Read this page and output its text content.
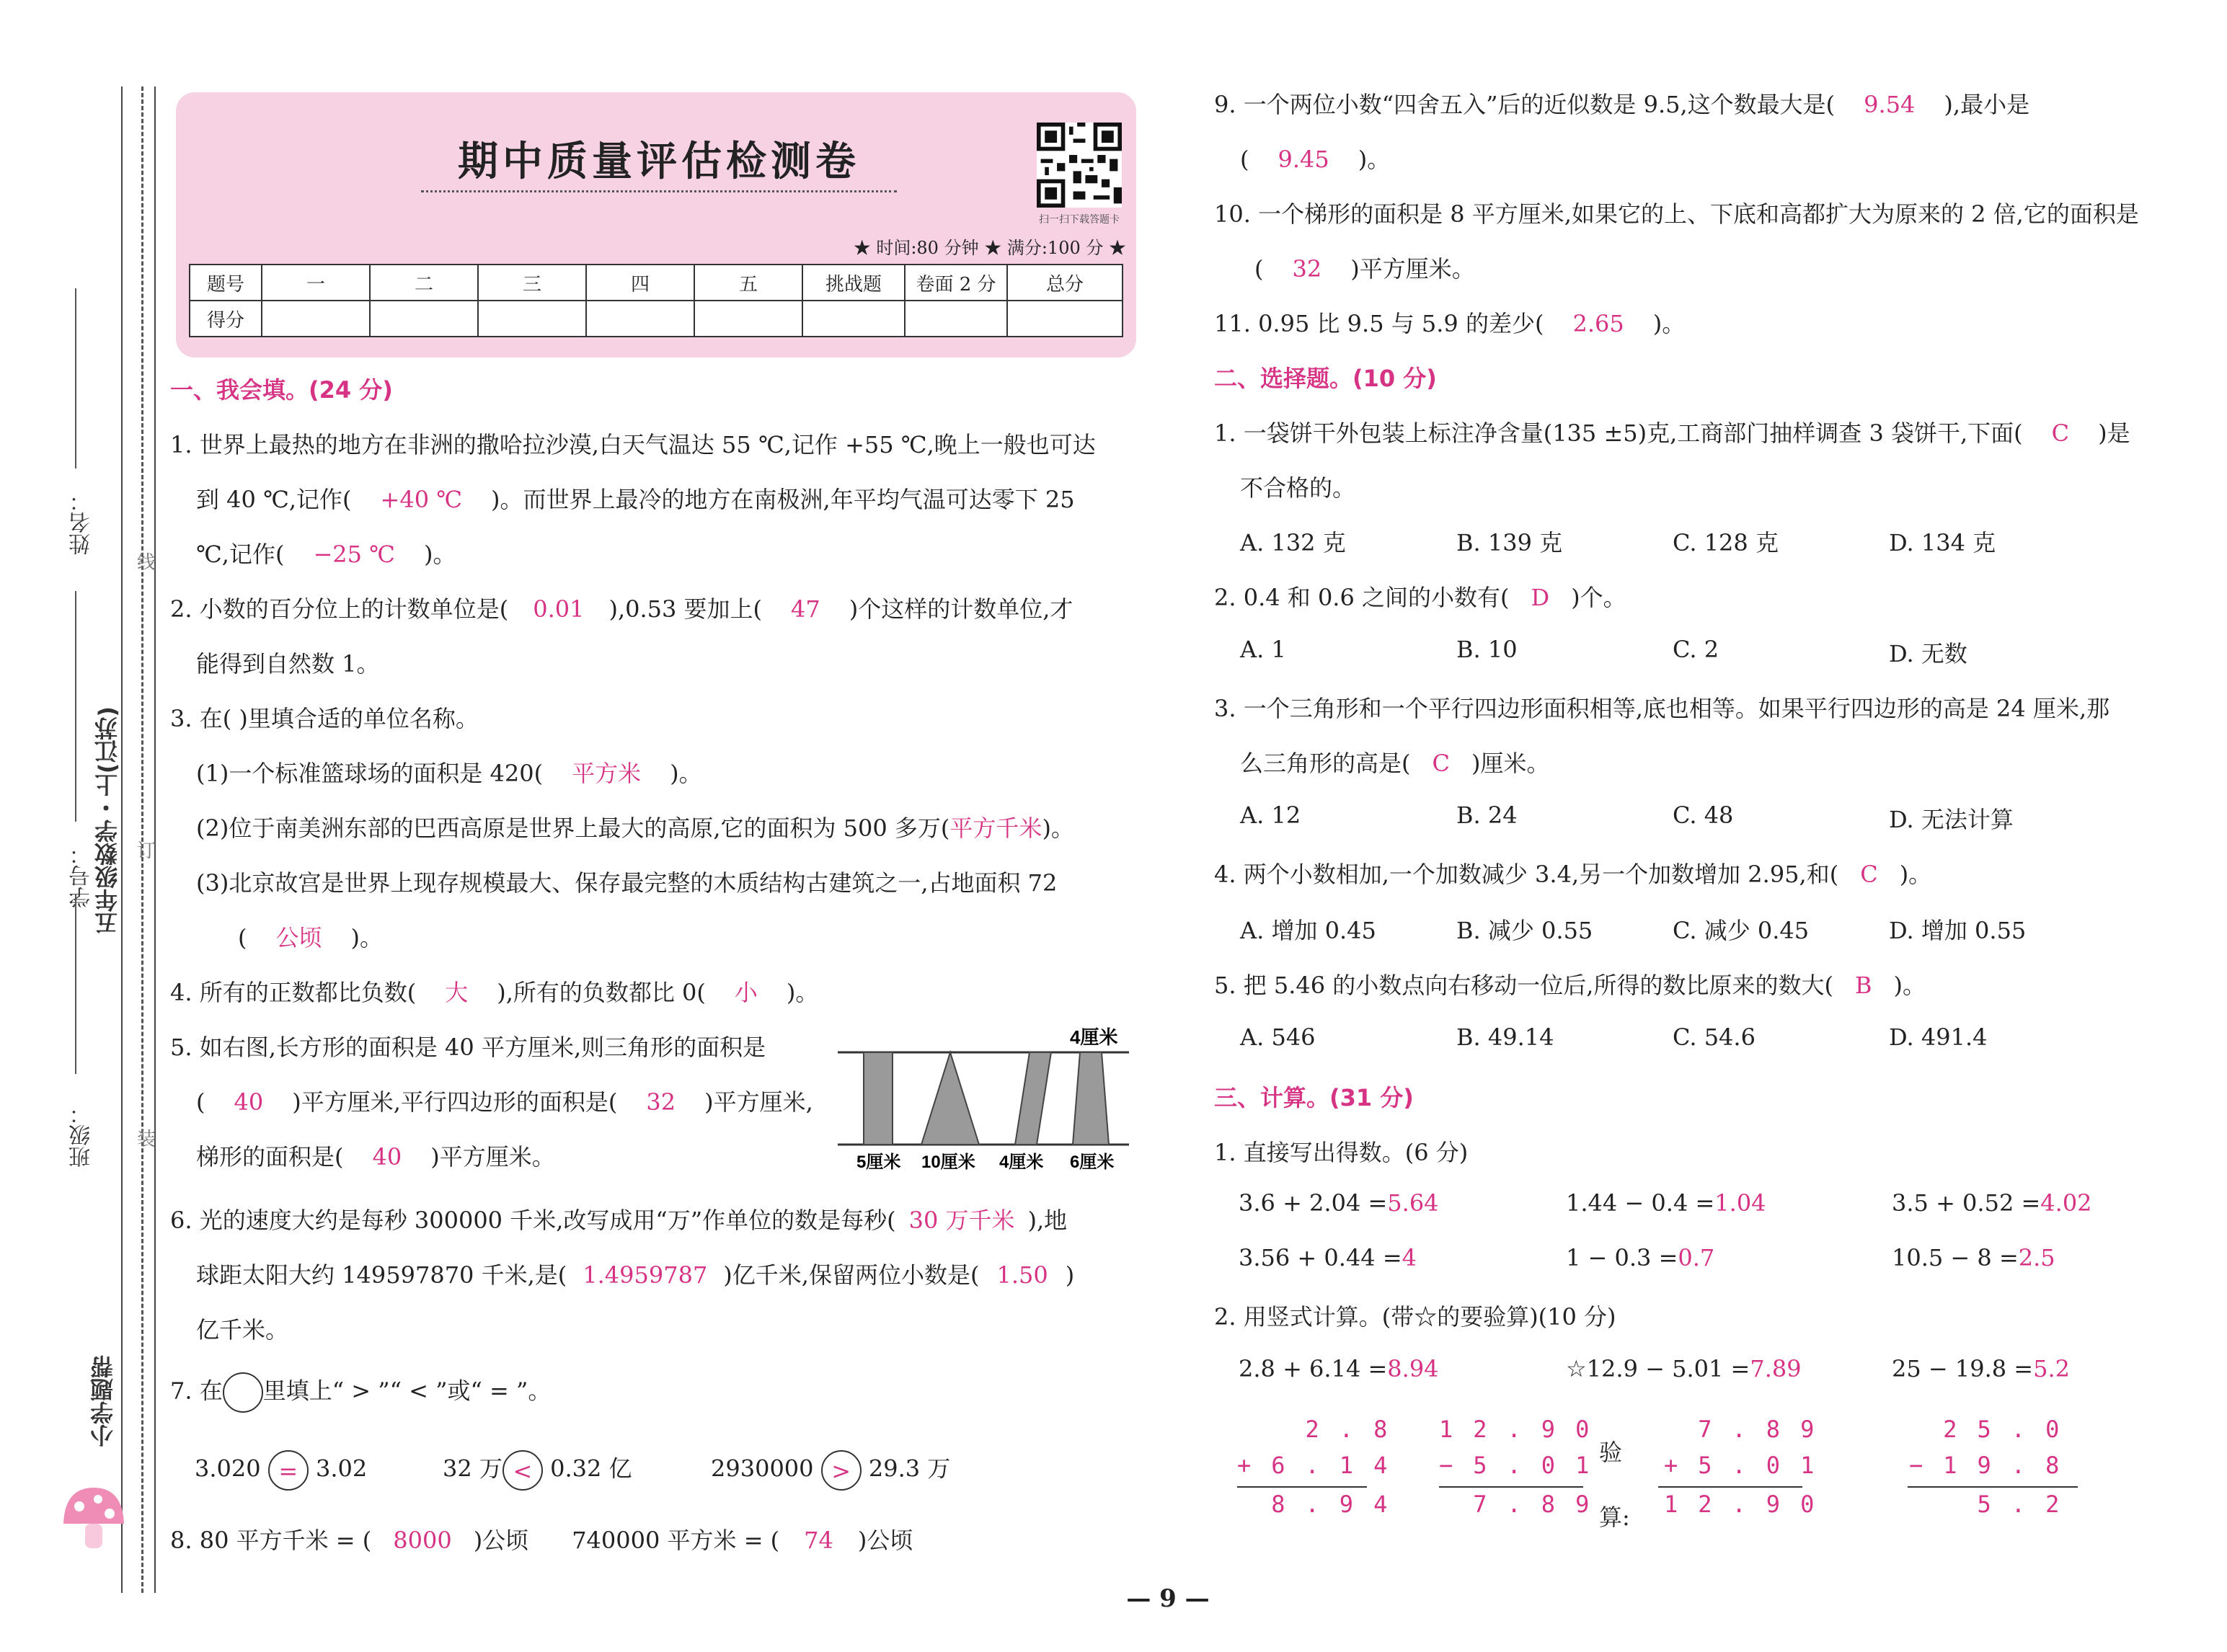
姓名：
学号：
班级：
五年级数学・上(江苏)
小学题帮
线
订
装
期中质量评估检测卷
扫一扫下载答题卡
★ 时间:80 分钟 ★ 满分:100 分 ★
题号	一	二	三	四	五	挑战题	卷面 2 分	总分
得分								
一、我会填。(24 分)
1. 世界上最热的地方在非洲的撒哈拉沙漠,白天气温达 55 ℃,记作 +55 ℃,晚上一般也可达
到 40 ℃,记作( +40 ℃ )。而世界上最冷的地方在南极洲,年平均气温可达零下 25
℃,记作( −25 ℃ )。
2. 小数的百分位上的计数单位是( 0.01 ),0.53 要加上( 47 )个这样的计数单位,才
能得到自然数 1。
3. 在( )里填合适的单位名称。
(1)一个标准篮球场的面积是 420( 平方米 )。
(2)位于南美洲东部的巴西高原是世界上最大的高原,它的面积为 500 多万(平方千米)。
(3)北京故宫是世界上现存规模最大、保存最完整的木质结构古建筑之一,占地面积 72
( 公顷 )。
4. 所有的正数都比负数( 大 ),所有的负数都比 0( 小 )。
5. 如右图,长方形的面积是 40 平方厘米,则三角形的面积是
( 40 )平方厘米,平行四边形的面积是( 32 )平方厘米,
梯形的面积是( 40 )平方厘米。
4厘米
5厘米 10厘米 4厘米 6厘米
6. 光的速度大约是每秒 300000 千米,改写成用“万”作单位的数是每秒( 30 万千米 ),地
球距太阳大约 149597870 千米,是( 1.4959787 )亿千米,保留两位小数是( 1.50 )
亿千米。
7. 在 里填上“ > ”“ < ”或“ = ”。
3.020 = 3.02	32 万 < 0.32 亿	2930000 > 29.3 万
8. 80 平方千米 = ( 8000 )公顷 740000 平方米 = ( 74 )公顷
9. 一个两位小数“四舍五入”后的近似数是 9.5,这个数最大是( 9.54 ),最小是
( 9.45 )。
10. 一个梯形的面积是 8 平方厘米,如果它的上、下底和高都扩大为原来的 2 倍,它的面积是
( 32 )平方厘米。
11. 0.95 比 9.5 与 5.9 的差少( 2.65 )。
二、选择题。(10 分)
1. 一袋饼干外包装上标注净含量(135 ±5)克,工商部门抽样调查 3 袋饼干,下面( C )是
不合格的。
A. 132 克	B. 139 克	C. 128 克	D. 134 克
2. 0.4 和 0.6 之间的小数有( D )个。
A. 1	B. 10	C. 2	D. 无数
3. 一个三角形和一个平行四边形面积相等,底也相等。如果平行四边形的高是 24 厘米,那
么三角形的高是( C )厘米。
A. 12	B. 24	C. 48	D. 无法计算
4. 两个小数相加,一个加数减少 3.4,另一个加数增加 2.95,和( C )。
A. 增加 0.45	B. 减少 0.55	C. 减少 0.45	D. 增加 0.55
5. 把 5.46 的小数点向右移动一位后,所得的数比原来的数大( B )。
A. 546	B. 49.14	C. 54.6	D. 491.4
三、计算。(31 分)
1. 直接写出得数。(6 分)
3.6 + 2.04 =5.64	1.44 − 0.4 =1.04	3.5 + 0.52 =4.02
3.56 + 0.44 =4	1 − 0.3 =0.7	10.5 − 8 =2.5
2. 用竖式计算。(带☆的要验算)(10 分)
2.8 + 6.14 =8.94	☆12.9 − 5.01 =7.89	25 − 19.8 =5.2
2.8
+6.14
8.94
12.90
−5.01
7.89
验算:
7.89
+5.01
12.90
25.0
−19.8
5.2
— 9 —
